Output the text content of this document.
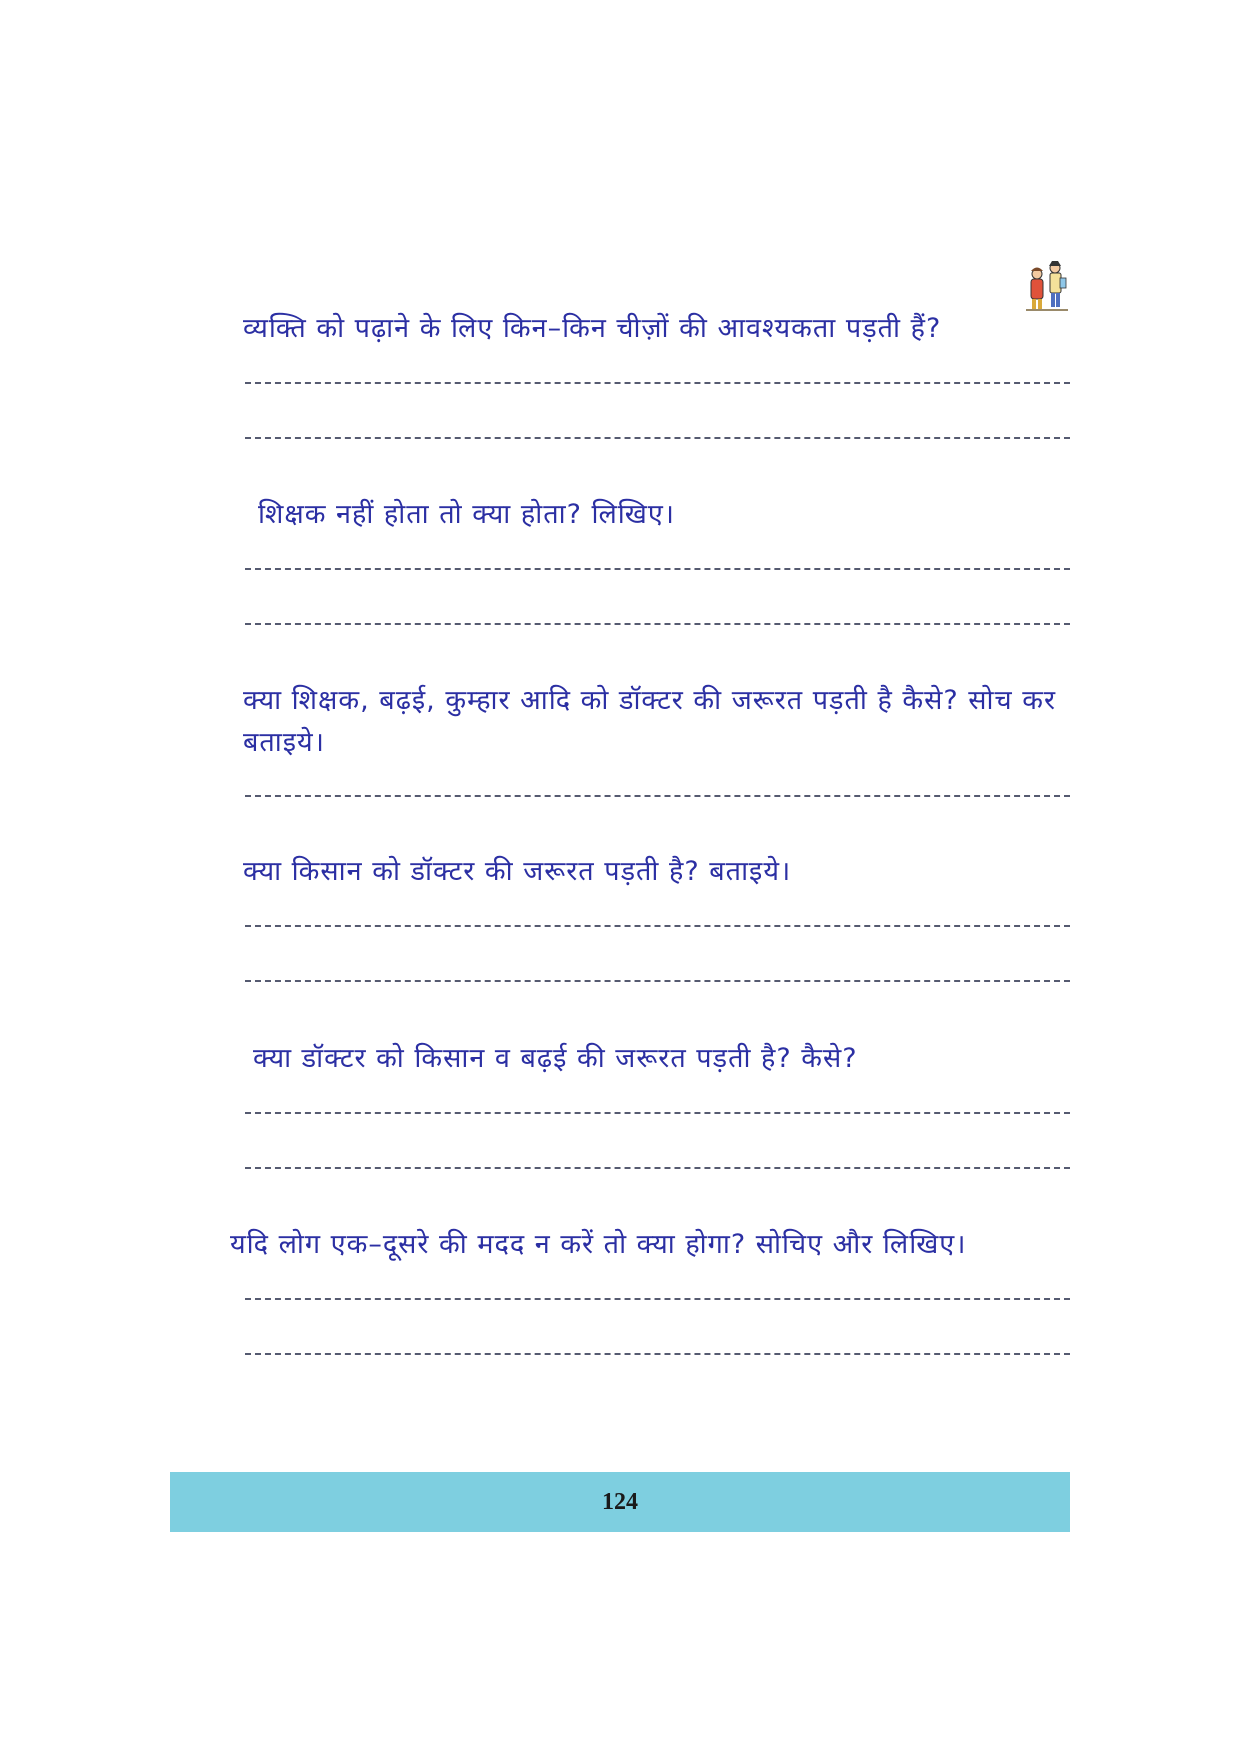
व्यक्ति को पढ़ाने के लिए किन–किन चीज़ों की आवश्यकता पड़ती हैं?
शिक्षक नहीं होता तो क्या होता? लिखिए।
क्या शिक्षक, बढ़ई, कुम्हार आदि को डॉक्टर की जरूरत पड़ती है कैसे? सोच कर बताइये।
क्या किसान को डॉक्टर की जरूरत पड़ती है? बताइये।
क्या डॉक्टर को किसान व बढ़ई की जरूरत पड़ती है? कैसे?
यदि लोग एक–दूसरे की मदद न करें तो क्या होगा? सोचिए और लिखिए।
124
